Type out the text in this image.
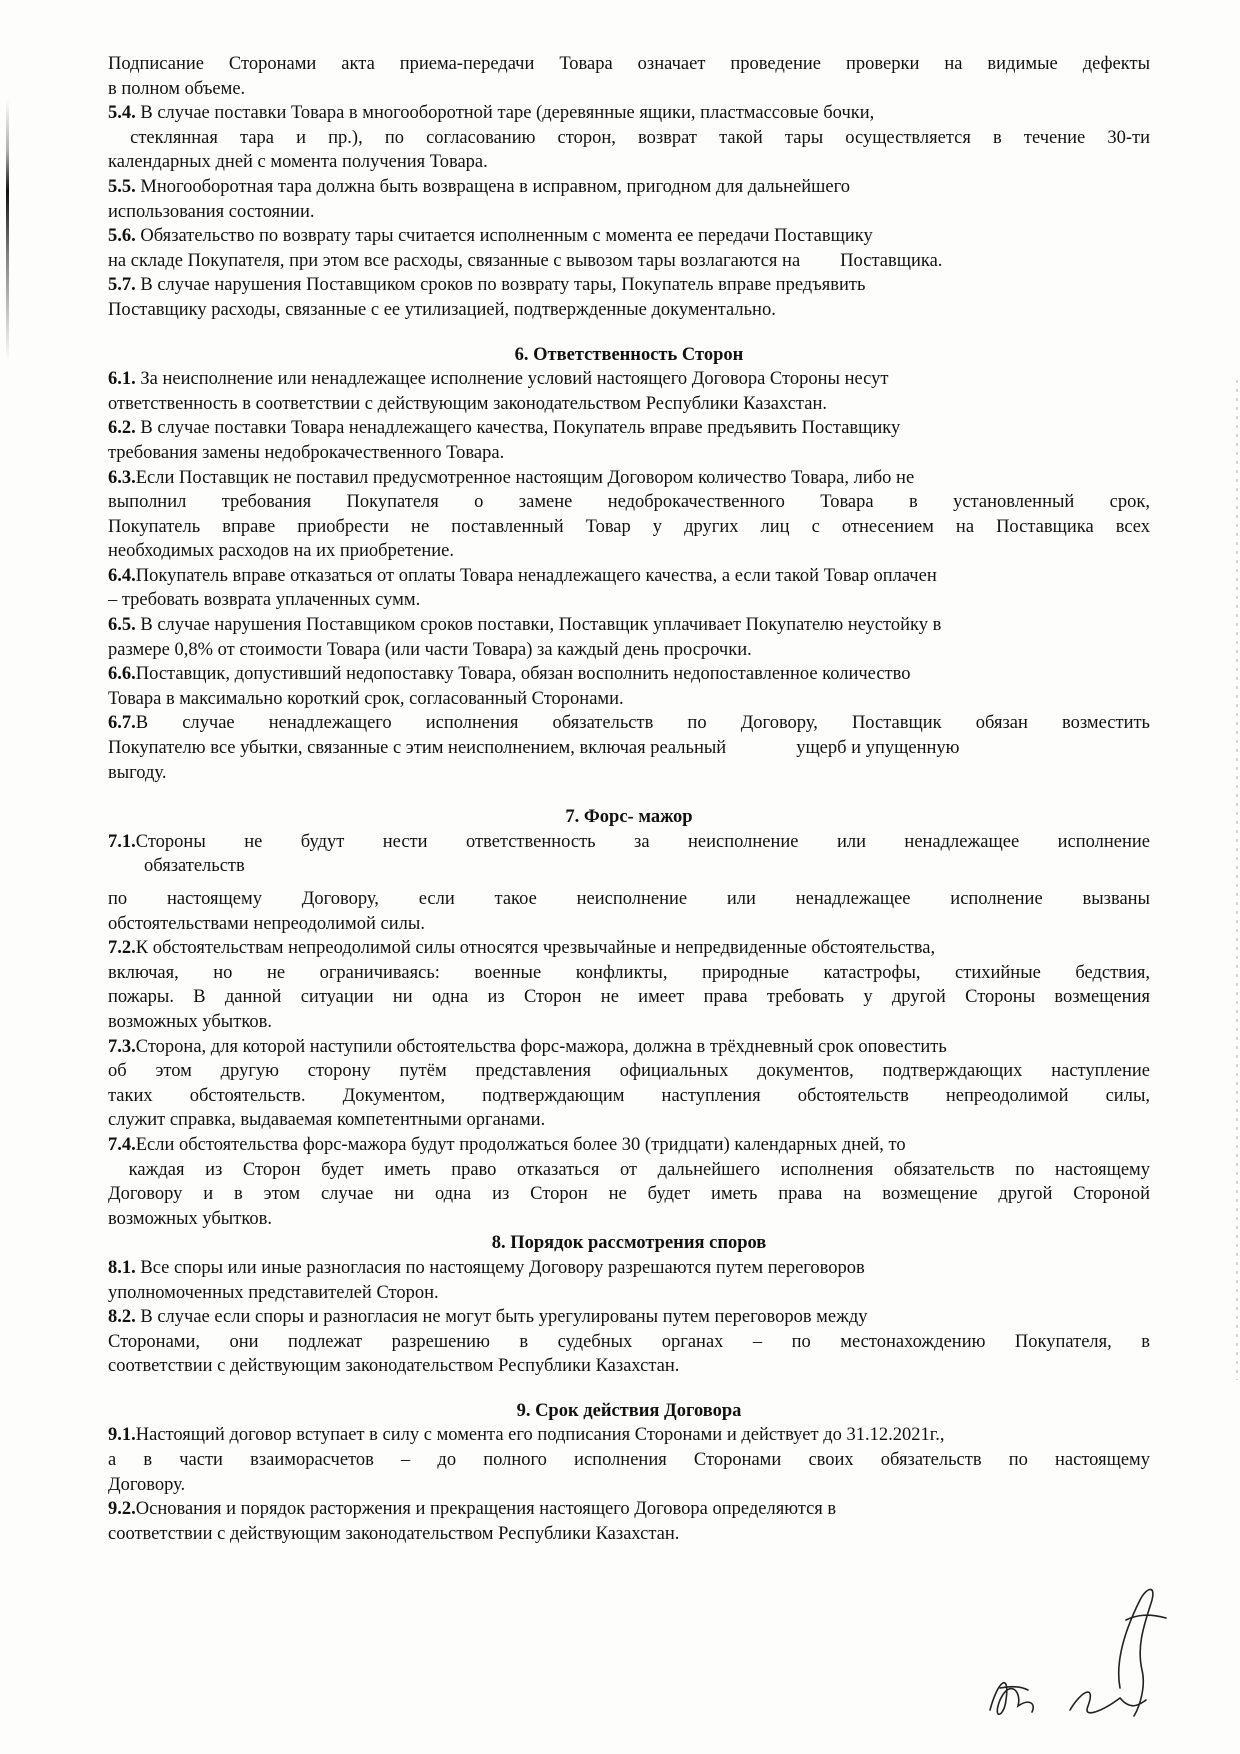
Подписание Сторонами акта приема-передачи Товара означает проведение проверки на видимые дефекты
в полном объеме.
5.4. В случае поставки Товара в многооборотной таре (деревянные ящики, пластмассовые бочки,
стеклянная тара и пр.), по согласованию сторон, возврат такой тары осуществляется в течение 30-ти
календарных дней с момента получения Товара.
5.5. Многооборотная тара должна быть возвращена в исправном, пригодном для дальнейшего
использования состоянии.
5.6. Обязательство по возврату тары считается исполненным с момента ее передачи Поставщику
на складе Покупателя, при этом все расходы, связанные с вывозом тары возлагаются на Поставщика.
5.7. В случае нарушения Поставщиком сроков по возврату тары, Покупатель вправе предъявить
Поставщику расходы, связанные с ее утилизацией, подтвержденные документально.
6. Ответственность Сторон
6.1. За неисполнение или ненадлежащее исполнение условий настоящего Договора Стороны несут
ответственность в соответствии с действующим законодательством Республики Казахстан.
6.2. В случае поставки Товара ненадлежащего качества, Покупатель вправе предъявить Поставщику
требования замены недоброкачественного Товара.
6.3.Если Поставщик не поставил предусмотренное настоящим Договором количество Товара, либо не
выполнил требования Покупателя о замене недоброкачественного Товара в установленный срок,
Покупатель вправе приобрести не поставленный Товар у других лиц с отнесением на Поставщика всех
необходимых расходов на их приобретение.
6.4.Покупатель вправе отказаться от оплаты Товара ненадлежащего качества, а если такой Товар оплачен
– требовать возврата уплаченных сумм.
6.5. В случае нарушения Поставщиком сроков поставки, Поставщик уплачивает Покупателю неустойку в
размере 0,8% от стоимости Товара (или части Товара) за каждый день просрочки.
6.6.Поставщик, допустивший недопоставку Товара, обязан восполнить недопоставленное количество
Товара в максимально короткий срок, согласованный Сторонами.
6.7.В случае ненадлежащего исполнения обязательств по Договору, Поставщик обязан возместить
Покупателю все убытки, связанные с этим неисполнением, включая реальный	ущерб и упущенную
выгоду.
7. Форс- мажор
7.1.Стороны не будут нести ответственность за неисполнение или ненадлежащее исполнение
обязательств
по настоящему Договору, если такое неисполнение или ненадлежащее исполнение вызваны
обстоятельствами непреодолимой силы.
7.2.К обстоятельствам непреодолимой силы относятся чрезвычайные и непредвиденные обстоятельства,
включая, но не ограничиваясь: военные конфликты, природные катастрофы, стихийные бедствия,
пожары. В данной ситуации ни одна из Сторон не имеет права требовать у другой Стороны возмещения
возможных убытков.
7.3.Сторона, для которой наступили обстоятельства форс-мажора, должна в трёхдневный срок оповестить
об этом другую сторону путём представления официальных документов, подтверждающих наступление
таких обстоятельств. Документом, подтверждающим наступления обстоятельств непреодолимой силы,
служит справка, выдаваемая компетентными органами.
7.4.Если обстоятельства форс-мажора будут продолжаться более 30 (тридцати) календарных дней, то
каждая из Сторон будет иметь право отказаться от дальнейшего исполнения обязательств по настоящему
Договору и в этом случае ни одна из Сторон не будет иметь права на возмещение другой Стороной
возможных убытков.
8. Порядок рассмотрения споров
8.1. Все споры или иные разногласия по настоящему Договору разрешаются путем переговоров
уполномоченных представителей Сторон.
8.2. В случае если споры и разногласия не могут быть урегулированы путем переговоров между
Сторонами, они подлежат разрешению в судебных органах – по местонахождению Покупателя, в
соответствии с действующим законодательством Республики Казахстан.
9. Срок действия Договора
9.1.Настоящий договор вступает в силу с момента его подписания Сторонами и действует до 31.12.2021г.,
а в части взаиморасчетов – до полного исполнения Сторонами своих обязательств по настоящему
Договору.
9.2.Основания и порядок расторжения и прекращения настоящего Договора определяются в
соответствии с действующим законодательством Республики Казахстан.
